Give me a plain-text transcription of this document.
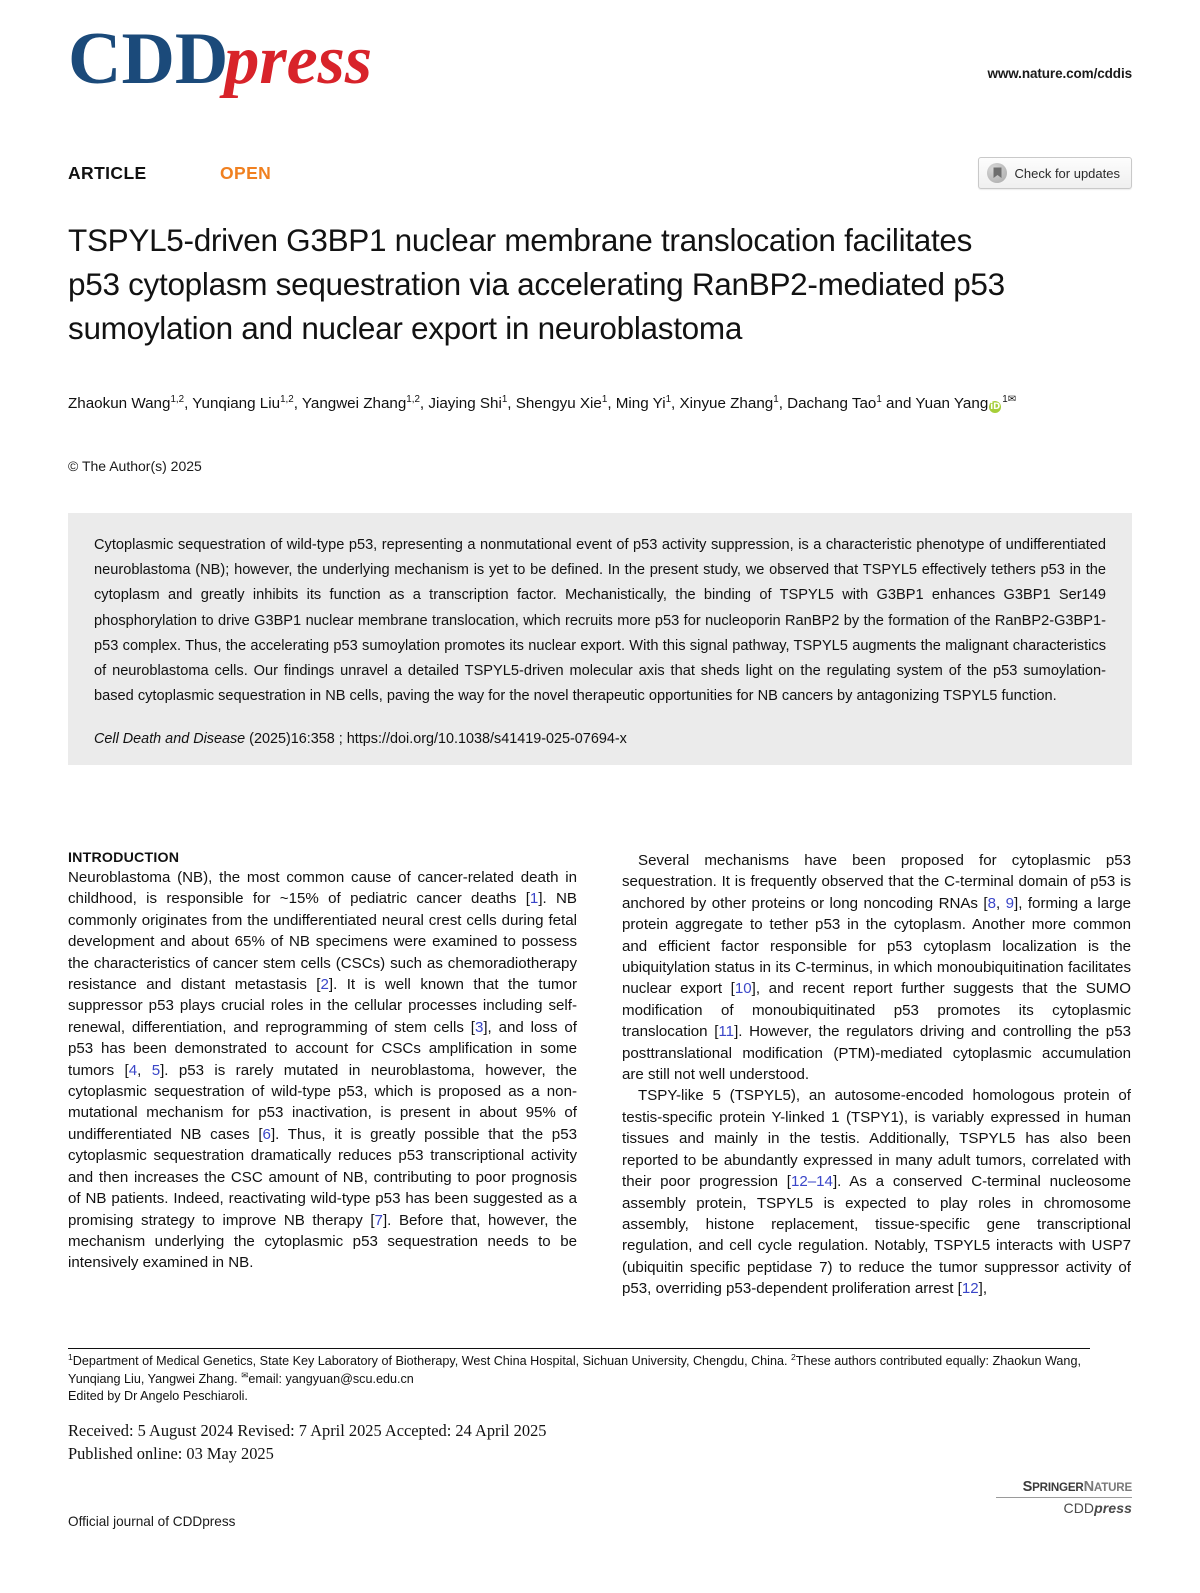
CDDpress	www.nature.com/cddis
ARTICLE	OPEN	Check for updates
TSPYL5-driven G3BP1 nuclear membrane translocation facilitates p53 cytoplasm sequestration via accelerating RanBP2-mediated p53 sumoylation and nuclear export in neuroblastoma
Zhaokun Wang$^{1,2}$, Yunqiang Liu$^{1,2}$, Yangwei Zhang$^{1,2}$, Jiaying Shi$^1$, Shengyu Xie$^1$, Ming Yi$^1$, Xinyue Zhang$^1$, Dachang Tao$^1$ and Yuan Yang $iD^{1✉}$
© The Author(s) 2025

Cytoplasmic sequestration of wild-type p53, representing a nonmutational event of p53 activity suppression, is a characteristic phenotype of undifferentiated neuroblastoma (NB); however, the underlying mechanism is yet to be defined. In the present study, we observed that TSPYL5 effectively tethers p53 in the cytoplasm and greatly inhibits its function as a transcription factor. Mechanistically, the binding of TSPYL5 with G3BP1 enhances G3BP1 Ser149 phosphorylation to drive G3BP1 nuclear membrane translocation, which recruits more p53 for nucleoporin RanBP2 by the formation of the RanBP2-G3BP1-p53 complex. Thus, the accelerating p53 sumoylation promotes its nuclear export. With this signal pathway, TSPYL5 augments the malignant characteristics of neuroblastoma cells. Our findings unravel a detailed TSPYL5-driven molecular axis that sheds light on the regulating system of the p53 sumoylation-based cytoplasmic sequestration in NB cells, paving the way for the novel therapeutic opportunities for NB cancers by antagonizing TSPYL5 function.

Cell Death and Disease (2025)16:358 ; https://doi.org/10.1038/s41419-025-07694-x
INTRODUCTION

Neuroblastoma (NB), the most common cause of cancer-related death in childhood, is responsible for ~15% of pediatric cancer deaths [1]. NB commonly originates from the undifferentiated neural crest cells during fetal development and about 65% of NB specimens were examined to possess the characteristics of cancer stem cells (CSCs) such as chemoradiotherapy resistance and distant metastasis [2]. It is well known that the tumor suppressor p53 plays crucial roles in the cellular processes including self-renewal, differentiation, and reprogramming of stem cells [3], and loss of p53 has been demonstrated to account for CSCs amplification in some tumors [4, 5]. p53 is rarely mutated in neuroblastoma, however, the cytoplasmic sequestration of wild-type p53, which is proposed as a non-mutational mechanism for p53 inactivation, is present in about 95% of undifferentiated NB cases [6]. Thus, it is greatly possible that the p53 cytoplasmic sequestration dramatically reduces p53 transcriptional activity and then increases the CSC amount of NB, contributing to poor prognosis of NB patients. Indeed, reactivating wild-type p53 has been suggested as a promising strategy to improve NB therapy [7]. Before that, however, the mechanism underlying the cytoplasmic p53 sequestration needs to be intensively examined in NB.

Several mechanisms have been proposed for cytoplasmic p53 sequestration. It is frequently observed that the C-terminal domain of p53 is anchored by other proteins or long noncoding RNAs [8, 9], forming a large protein aggregate to tether p53 in the cytoplasm. Another more common and efficient factor responsible for p53 cytoplasm localization is the ubiquitylation status in its C-terminus, in which monoubiquitination facilitates nuclear export [10], and recent report further suggests that the SUMO modification of monoubiquitinated p53 promotes its cytoplasmic translocation [11]. However, the regulators driving and controlling the p53 posttranslational modification (PTM)-mediated cytoplasmic accumulation are still not well understood.

TSPY-like 5 (TSPYL5), an autosome-encoded homologous protein of testis-specific protein Y-linked 1 (TSPY1), is variably expressed in human tissues and mainly in the testis. Additionally, TSPYL5 has also been reported to be abundantly expressed in many adult tumors, correlated with their poor progression [12–14]. As a conserved C-terminal nucleosome assembly protein, TSPYL5 is expected to play roles in chromosome assembly, histone replacement, tissue-specific gene transcriptional regulation, and cell cycle regulation. Notably, TSPYL5 interacts with USP7 (ubiquitin specific peptidase 7) to reduce the tumor suppressor activity of p53, overriding p53-dependent proliferation arrest [12],

$^1$Department of Medical Genetics, State Key Laboratory of Biotherapy, West China Hospital, Sichuan University, Chengdu, China. $^2$These authors contributed equally: Zhaokun Wang, Yunqiang Liu, Yangwei Zhang. ✉email: yangyuan@scu.edu.cn
Edited by Dr Angelo Peschiaroli.
Received: 5 August 2024 Revised: 7 April 2025 Accepted: 24 April 2025
Published online: 03 May 2025
Official journal of CDDpress
SPRINGERNATURE
CDDpress
